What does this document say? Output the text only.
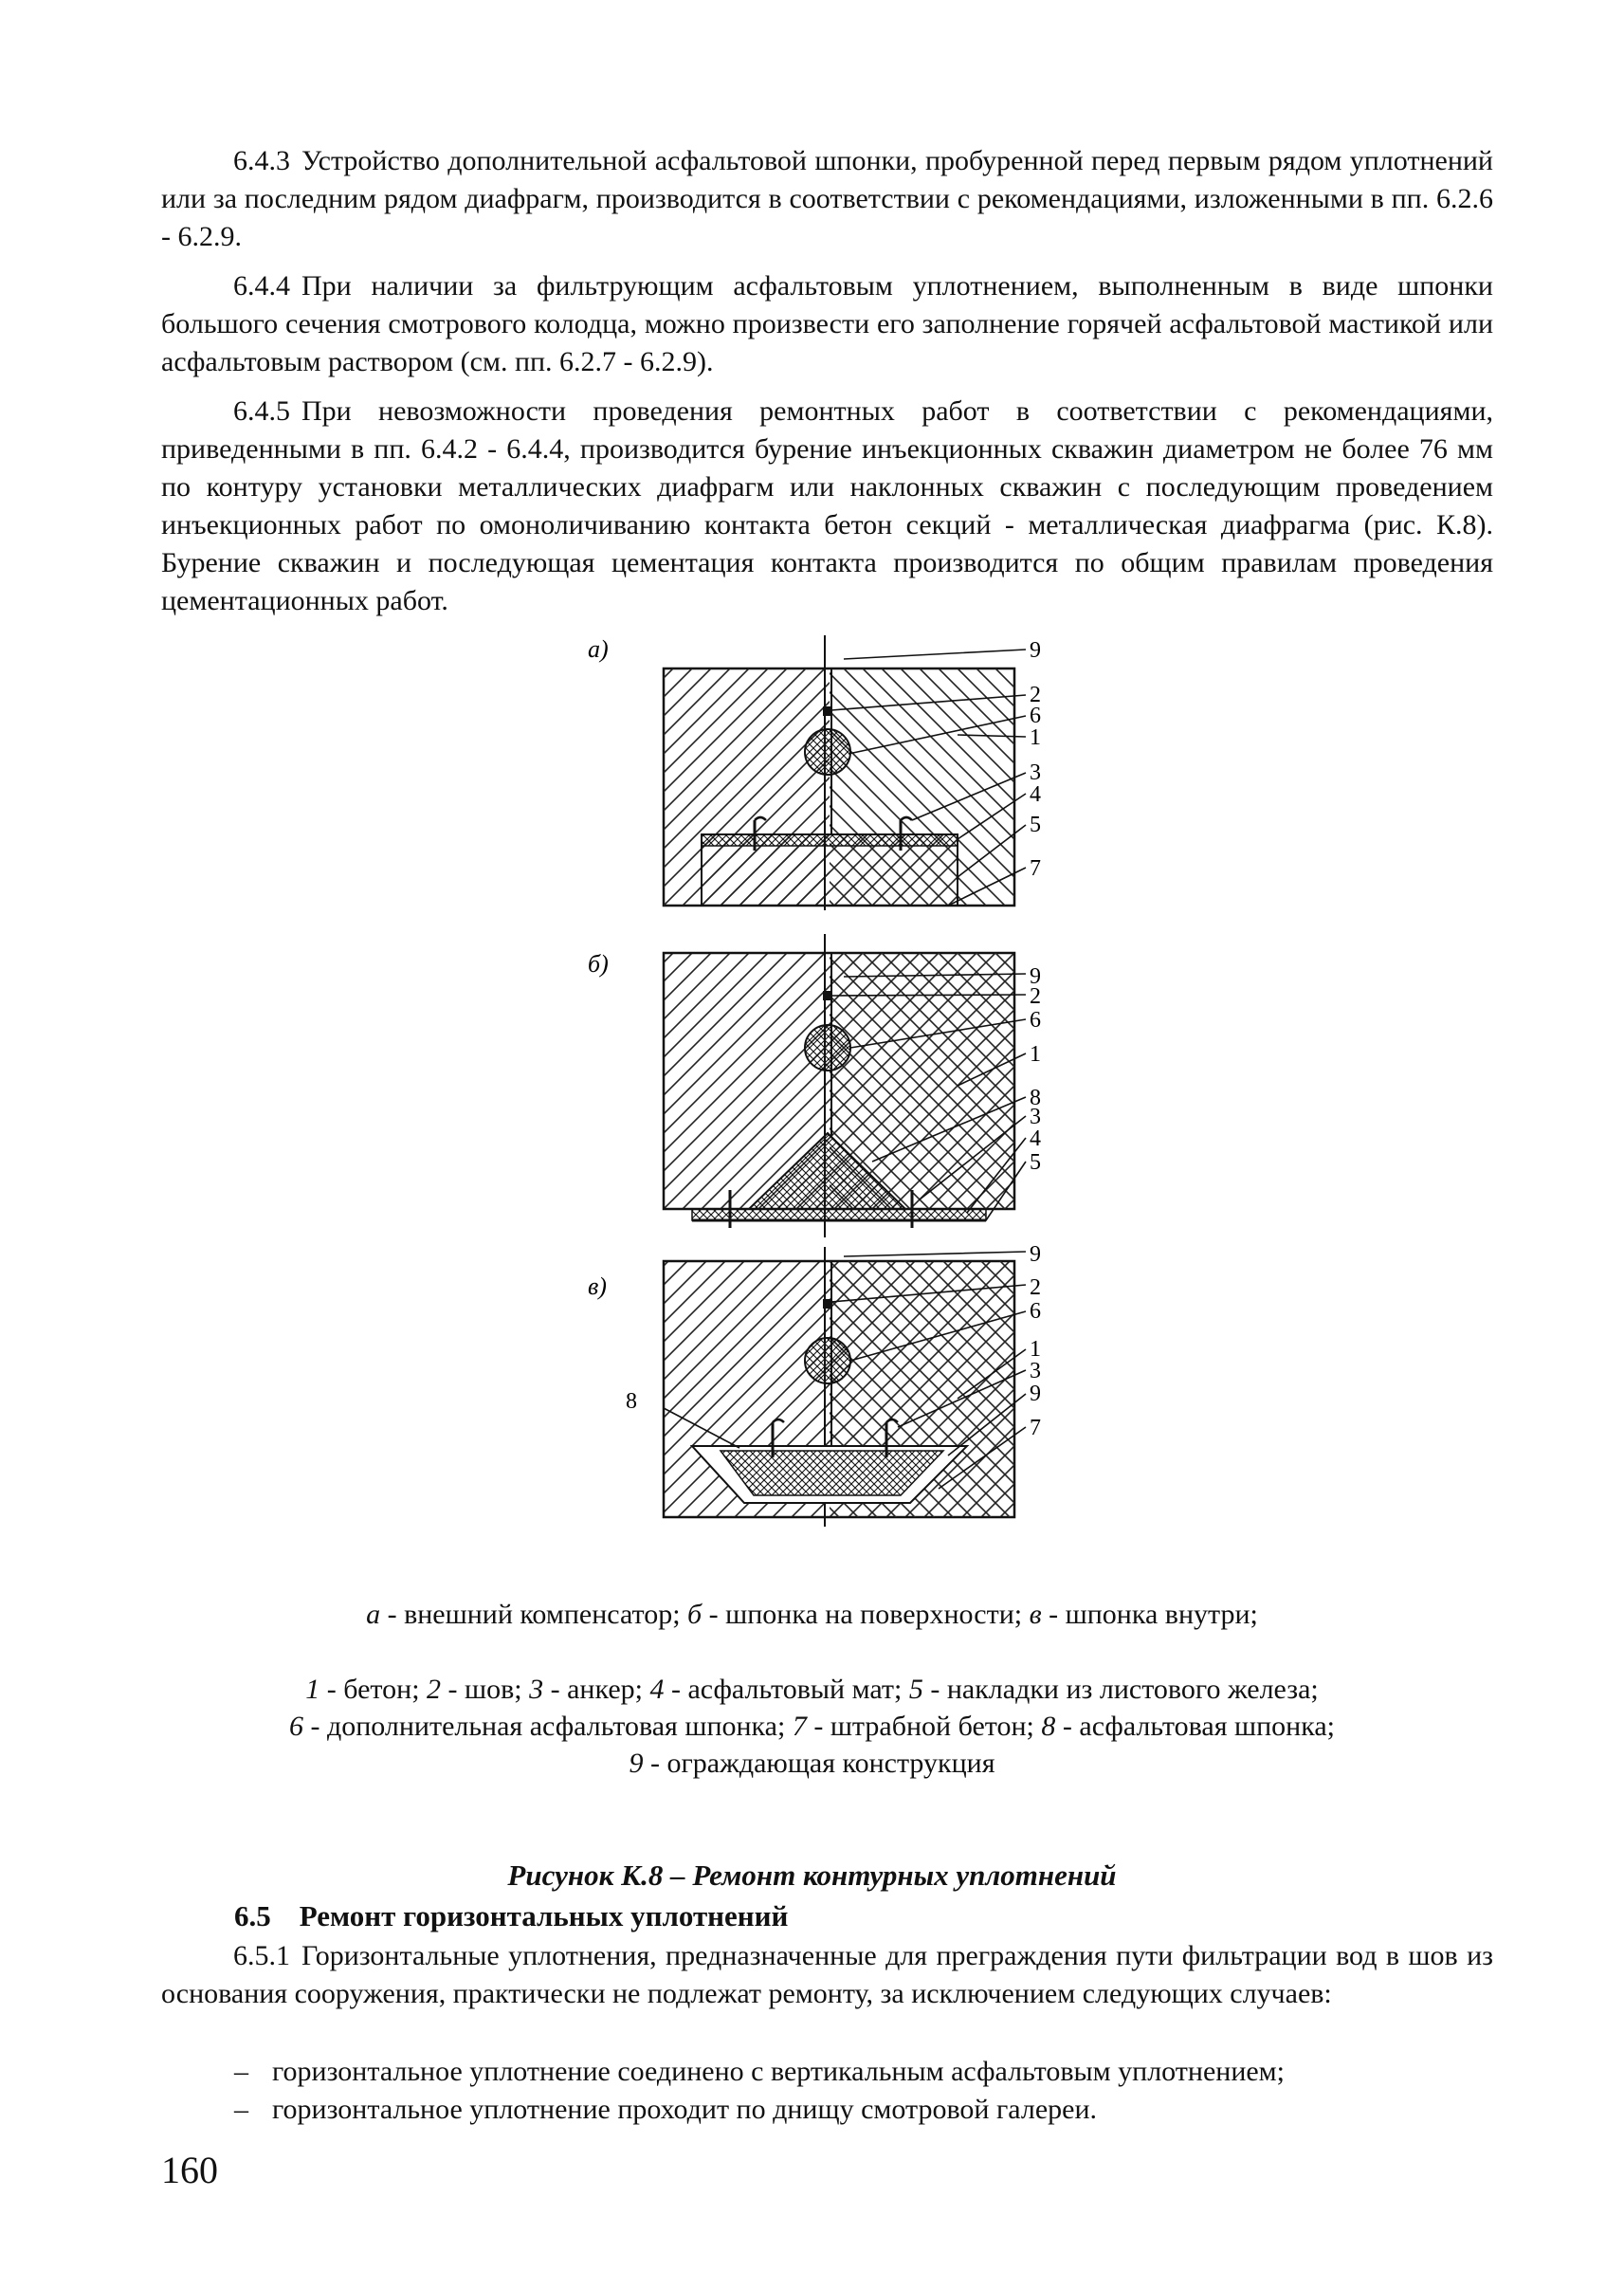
6.4.3 Устройство дополнительной асфальтовой шпонки, пробуренной перед первым рядом уплотнений или за последним рядом диафрагм, производится в соответствии с рекомендациями, изложенными в пп. 6.2.6 - 6.2.9.

6.4.4 При наличии за фильтрующим асфальтовым уплотнением, выполненным в виде шпонки большого сечения смотрового колодца, можно произвести его заполнение горячей асфальтовой мастикой или асфальтовым раствором (см. пп. 6.2.7 - 6.2.9).

6.4.5 При невозможности проведения ремонтных работ в соответствии с рекомендациями, приведенными в пп. 6.4.2 - 6.4.4, производится бурение инъекционных скважин диаметром не более 76 мм по контуру установки металлических диафрагм или наклонных скважин с последующим проведением инъекционных работ по омоноличиванию контакта бетон секций - металлическая диафрагма (рис. К.8). Бурение скважин и последующая цементация контакта производится по общим правилам проведения цементационных работ.

а)	9
2
6
1
3
4
5
7
б)	9
2
6
1
8
3
4
5
в)
9
2
6
1
3
9
7
8
а - внешний компенсатор; б - шпонка на поверхности; в - шпонка внутри;
1 - бетон; 2 - шов; 3 - анкер; 4 - асфальтовый мат; 5 - накладки из листового железа;
6 - дополнительная асфальтовая шпонка; 7 - штрабной бетон; 8 - асфальтовая шпонка;
9 - ограждающая конструкция
Рисунок К.8 – Ремонт контурных уплотнений
6.5 Ремонт горизонтальных уплотнений

6.5.1 Горизонтальные уплотнения, предназначенные для преграждения пути фильтрации вод в шов из основания сооружения, практически не подлежат ремонту, за исключением следующих случаев:

– горизонтальное уплотнение соединено с вертикальным асфальтовым уплотнением;
– горизонтальное уплотнение проходит по днищу смотровой галереи.
160
